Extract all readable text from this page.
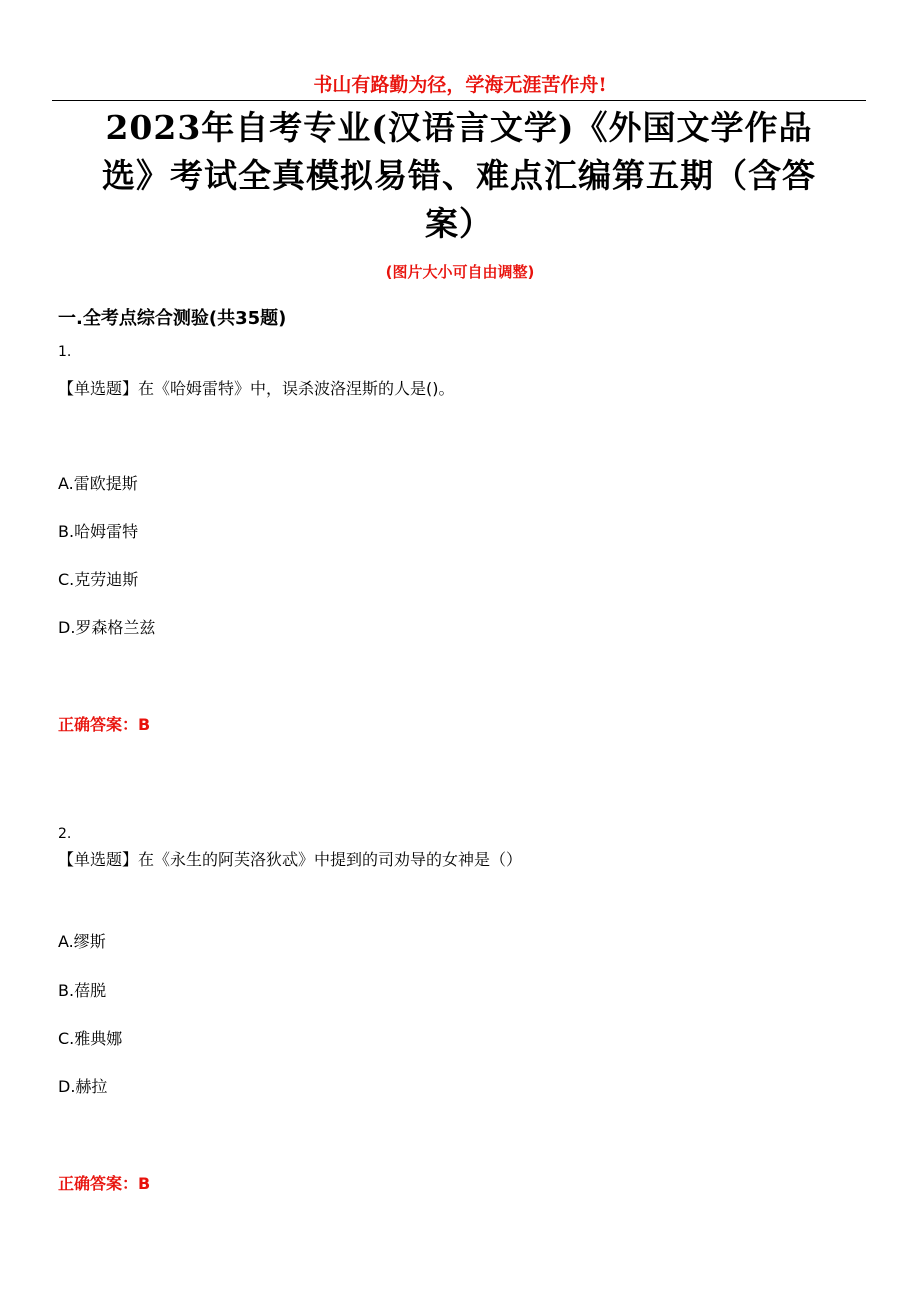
书山有路勤为径，学海无涯苦作舟!
2023年自考专业(汉语言文学)《外国文学作品
选》考试全真模拟易错、难点汇编第五期（含答
案）
(图片大小可自由调整)
一.全考点综合测验(共35题)
1.
【单选题】在《哈姆雷特》中，误杀波洛涅斯的人是()。
A.雷欧提斯
B.哈姆雷特
C.克劳迪斯
D.罗森格兰兹
正确答案：B
2.
【单选题】在《永生的阿芙洛狄忒》中提到的司劝导的女神是（）
A.缪斯
B.蓓脱
C.雅典娜
D.赫拉
正确答案：B
